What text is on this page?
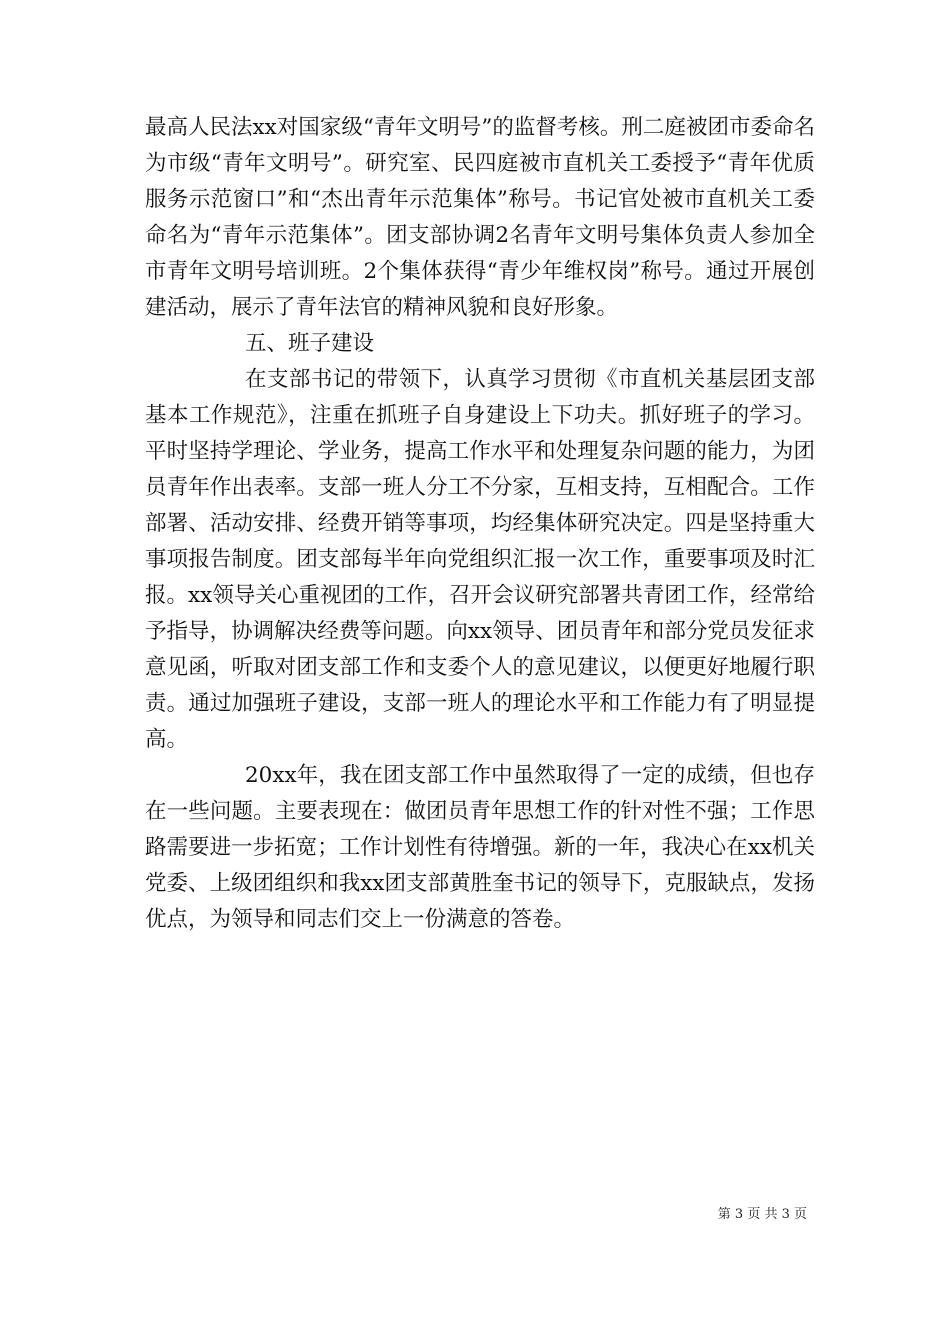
最高人民法xx对国家级“青年文明号”的监督考核。刑二庭被团市委命名为市级“青年文明号”。研究室、民四庭被市直机关工委授予“青年优质服务示范窗口”和“杰出青年示范集体”称号。书记官处被市直机关工委命名为“青年示范集体”。团支部协调2名青年文明号集体负责人参加全市青年文明号培训班。2个集体获得“青少年维权岗”称号。通过开展创建活动，展示了青年法官的精神风貌和良好形象。

五、班子建设

在支部书记的带领下，认真学习贯彻《市直机关基层团支部基本工作规范》，注重在抓班子自身建设上下功夫。抓好班子的学习。平时坚持学理论、学业务，提高工作水平和处理复杂问题的能力，为团员青年作出表率。支部一班人分工不分家，互相支持，互相配合。工作部署、活动安排、经费开销等事项，均经集体研究决定。四是坚持重大事项报告制度。团支部每半年向党组织汇报一次工作，重要事项及时汇报。xx领导关心重视团的工作，召开会议研究部署共青团工作，经常给予指导，协调解决经费等问题。向xx领导、团员青年和部分党员发征求意见函，听取对团支部工作和支委个人的意见建议，以便更好地履行职责。通过加强班子建设，支部一班人的理论水平和工作能力有了明显提高。

20xx年，我在团支部工作中虽然取得了一定的成绩，但也存在一些问题。主要表现在：做团员青年思想工作的针对性不强；工作思路需要进一步拓宽；工作计划性有待增强。新的一年，我决心在xx机关党委、上级团组织和我xx团支部黄胜奎书记的领导下，克服缺点，发扬优点，为领导和同志们交上一份满意的答卷。

第 3 页 共 3 页
